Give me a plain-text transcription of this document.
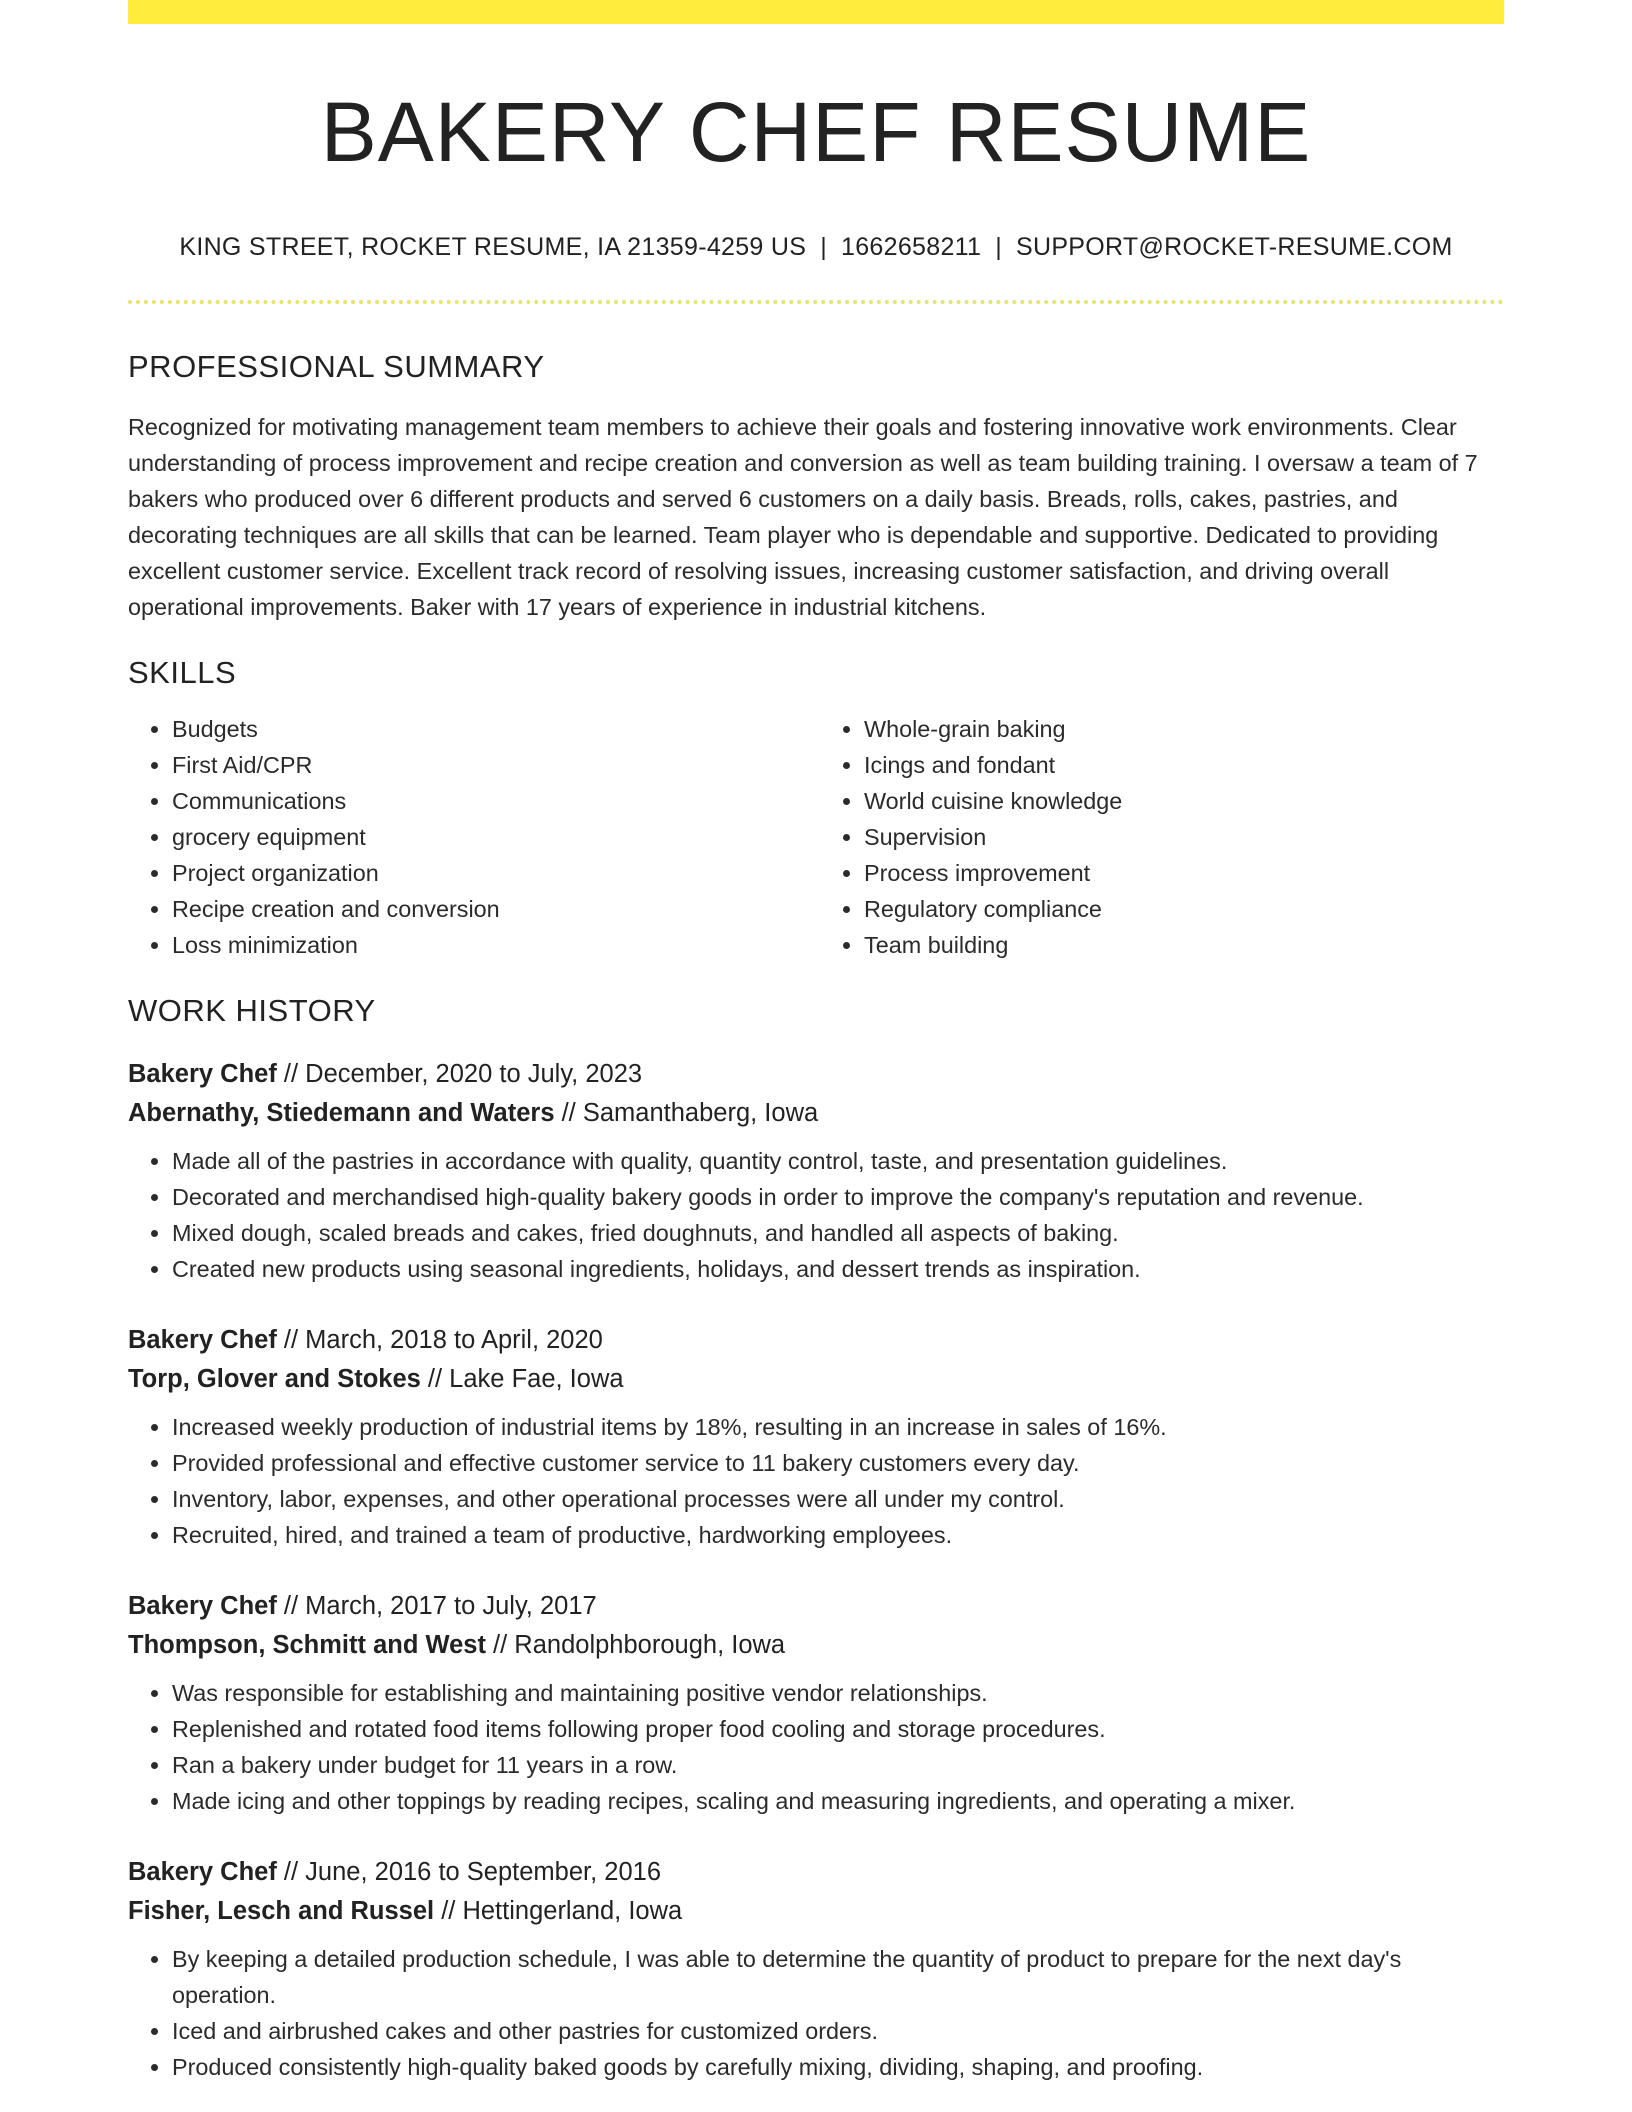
BAKERY CHEF RESUME
KING STREET, ROCKET RESUME, IA 21359-4259 US | 1662658211 | SUPPORT@ROCKET-RESUME.COM
PROFESSIONAL SUMMARY

Recognized for motivating management team members to achieve their goals and fostering innovative work environments. Clear understanding of process improvement and recipe creation and conversion as well as team building training. I oversaw a team of 7 bakers who produced over 6 different products and served 6 customers on a daily basis. Breads, rolls, cakes, pastries, and decorating techniques are all skills that can be learned. Team player who is dependable and supportive. Dedicated to providing excellent customer service. Excellent track record of resolving issues, increasing customer satisfaction, and driving overall operational improvements. Baker with 17 years of experience in industrial kitchens.

SKILLS
• Budgets
• First Aid/CPR
• Communications
• grocery equipment
• Project organization
• Recipe creation and conversion
• Loss minimization
• Whole-grain baking
• Icings and fondant
• World cuisine knowledge
• Supervision
• Process improvement
• Regulatory compliance
• Team building
WORK HISTORY
Bakery Chef // December, 2020 to July, 2023
Abernathy, Stiedemann and Waters // Samanthaberg, Iowa
• Made all of the pastries in accordance with quality, quantity control, taste, and presentation guidelines.
• Decorated and merchandised high-quality bakery goods in order to improve the company's reputation and revenue.
• Mixed dough, scaled breads and cakes, fried doughnuts, and handled all aspects of baking.
• Created new products using seasonal ingredients, holidays, and dessert trends as inspiration.
Bakery Chef // March, 2018 to April, 2020
Torp, Glover and Stokes // Lake Fae, Iowa
• Increased weekly production of industrial items by 18%, resulting in an increase in sales of 16%.
• Provided professional and effective customer service to 11 bakery customers every day.
• Inventory, labor, expenses, and other operational processes were all under my control.
• Recruited, hired, and trained a team of productive, hardworking employees.
Bakery Chef // March, 2017 to July, 2017
Thompson, Schmitt and West // Randolphborough, Iowa
• Was responsible for establishing and maintaining positive vendor relationships.
• Replenished and rotated food items following proper food cooling and storage procedures.
• Ran a bakery under budget for 11 years in a row.
• Made icing and other toppings by reading recipes, scaling and measuring ingredients, and operating a mixer.
Bakery Chef // June, 2016 to September, 2016
Fisher, Lesch and Russel // Hettingerland, Iowa
• By keeping a detailed production schedule, I was able to determine the quantity of product to prepare for the next day's operation.
• Iced and airbrushed cakes and other pastries for customized orders.
• Produced consistently high-quality baked goods by carefully mixing, dividing, shaping, and proofing.
